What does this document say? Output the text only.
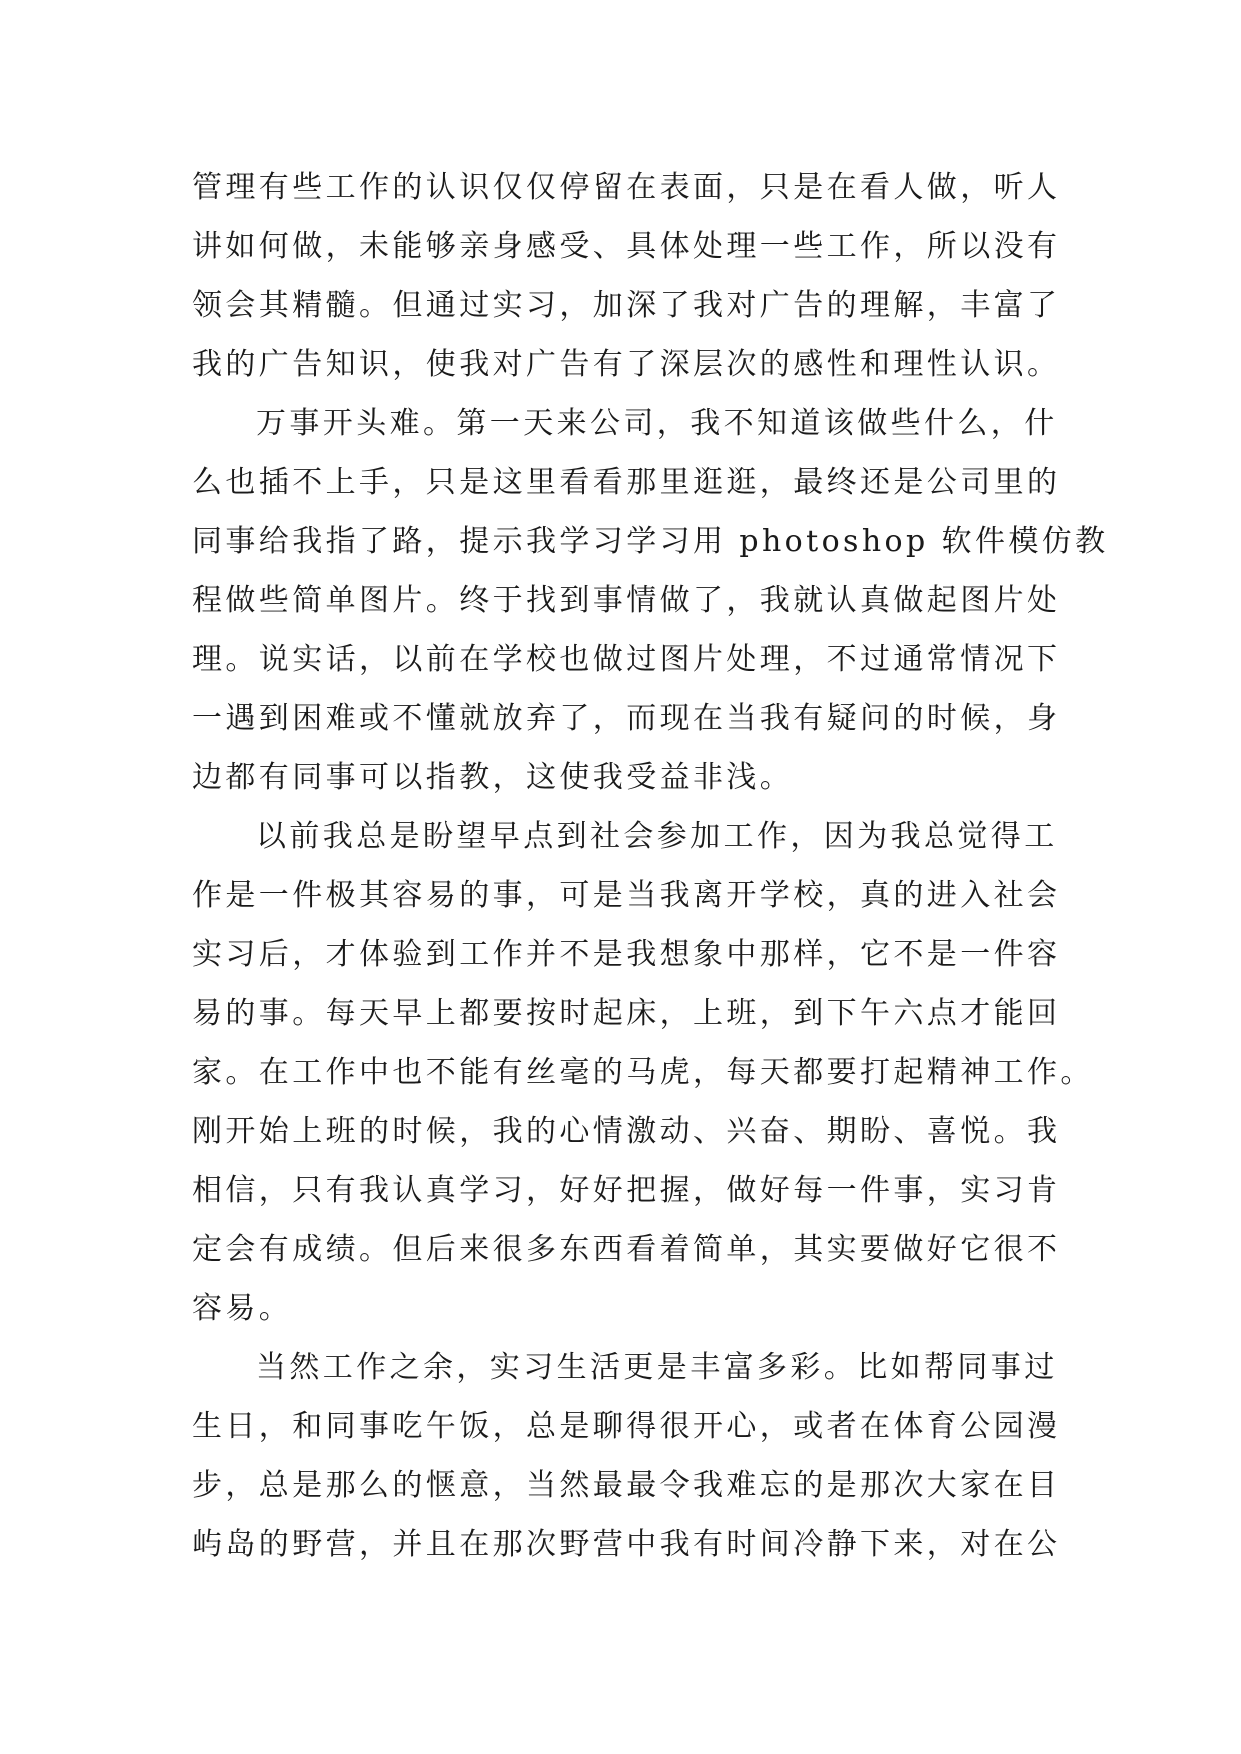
管理有些工作的认识仅仅停留在表面，只是在看人做，听人
讲如何做，未能够亲身感受、具体处理一些工作，所以没有
领会其精髓。但通过实习，加深了我对广告的理解，丰富了
我的广告知识，使我对广告有了深层次的感性和理性认识。
万事开头难。第一天来公司，我不知道该做些什么，什
么也插不上手，只是这里看看那里逛逛，最终还是公司里的
同事给我指了路，提示我学习学习用 photoshop 软件模仿教
程做些简单图片。终于找到事情做了，我就认真做起图片处
理。说实话，以前在学校也做过图片处理，不过通常情况下
一遇到困难或不懂就放弃了，而现在当我有疑问的时候，身
边都有同事可以指教，这使我受益非浅。
以前我总是盼望早点到社会参加工作，因为我总觉得工
作是一件极其容易的事，可是当我离开学校，真的进入社会
实习后，才体验到工作并不是我想象中那样，它不是一件容
易的事。每天早上都要按时起床，上班，到下午六点才能回
家。在工作中也不能有丝毫的马虎，每天都要打起精神工作。
刚开始上班的时候，我的心情激动、兴奋、期盼、喜悦。我
相信，只有我认真学习，好好把握，做好每一件事，实习肯
定会有成绩。但后来很多东西看着简单，其实要做好它很不
容易。
当然工作之余，实习生活更是丰富多彩。比如帮同事过
生日，和同事吃午饭，总是聊得很开心，或者在体育公园漫
步，总是那么的惬意，当然最最令我难忘的是那次大家在目
屿岛的野营，并且在那次野营中我有时间冷静下来，对在公
